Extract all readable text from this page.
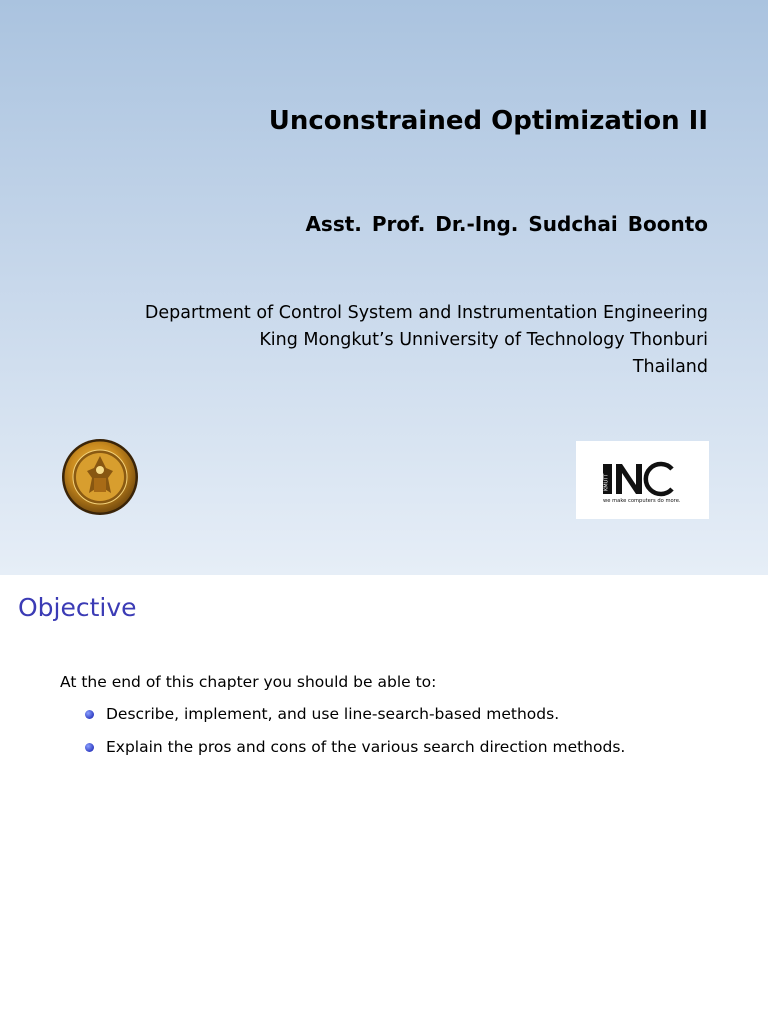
Unconstrained Optimization II
Asst. Prof. Dr.-Ing. Sudchai Boonto
Department of Control System and Instrumentation Engineering
King Mongkut’s Unniversity of Technology Thonburi
Thailand
KMUTT
we make computers do more.
Objective
At the end of this chapter you should be able to:
Describe, implement, and use line-search-based methods.
Explain the pros and cons of the various search direction methods.
